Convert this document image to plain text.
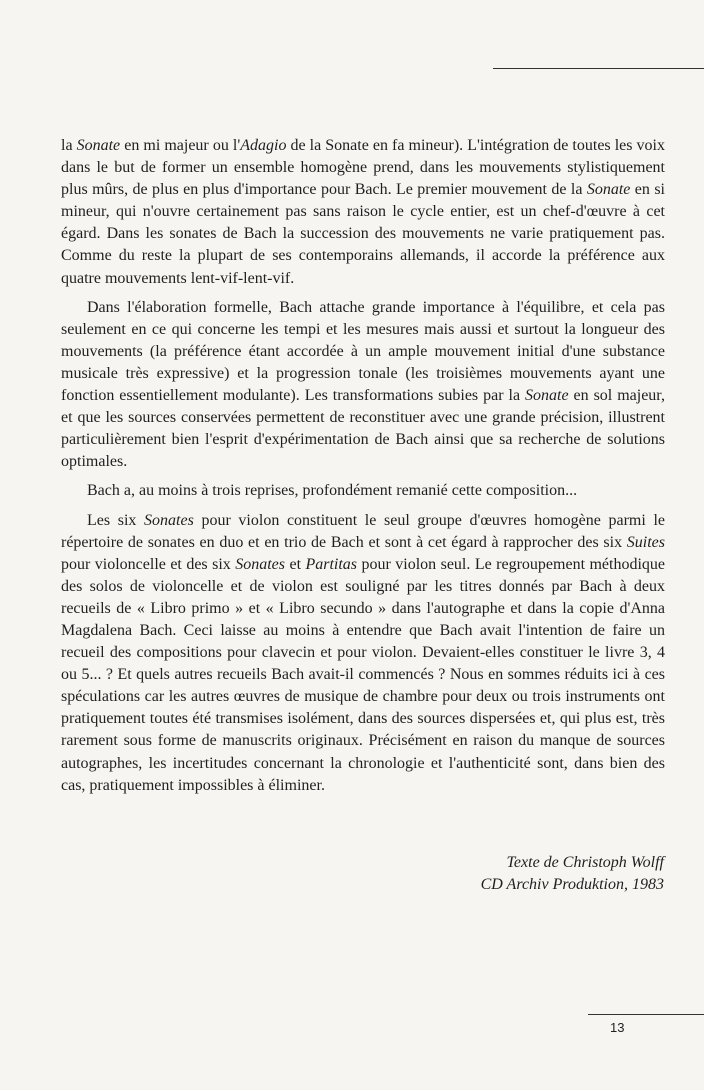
la Sonate en mi majeur ou l'Adagio de la Sonate en fa mineur). L'intégration de toutes les voix dans le but de former un ensemble homogène prend, dans les mouvements stylistiquement plus mûrs, de plus en plus d'importance pour Bach. Le premier mouvement de la Sonate en si mineur, qui n'ouvre certainement pas sans raison le cycle entier, est un chef-d'œuvre à cet égard. Dans les sonates de Bach la succession des mouvements ne varie pratiquement pas. Comme du reste la plupart de ses contemporains allemands, il accorde la préférence aux quatre mouvements lent-vif-lent-vif.

Dans l'élaboration formelle, Bach attache grande importance à l'équilibre, et cela pas seulement en ce qui concerne les tempi et les mesures mais aussi et surtout la longueur des mouvements (la préférence étant accordée à un ample mouvement initial d'une substance musicale très expressive) et la progression tonale (les troisièmes mouvements ayant une fonction essentiellement modulante). Les transformations subies par la Sonate en sol majeur, et que les sources conservées permettent de reconstituer avec une grande précision, illustrent particulièrement bien l'esprit d'expérimentation de Bach ainsi que sa recherche de solutions optimales.

Bach a, au moins à trois reprises, profondément remanié cette composition...

Les six Sonates pour violon constituent le seul groupe d'œuvres homogène parmi le répertoire de sonates en duo et en trio de Bach et sont à cet égard à rapprocher des six Suites pour violoncelle et des six Sonates et Partitas pour violon seul. Le regroupement méthodique des solos de violoncelle et de violon est souligné par les titres donnés par Bach à deux recueils de « Libro primo » et « Libro secundo » dans l'autographe et dans la copie d'Anna Magdalena Bach. Ceci laisse au moins à entendre que Bach avait l'intention de faire un recueil des compositions pour clavecin et pour violon. Devaient-elles constituer le livre 3, 4 ou 5... ? Et quels autres recueils Bach avait-il commencés ? Nous en sommes réduits ici à ces spéculations car les autres œuvres de musique de chambre pour deux ou trois instruments ont pratiquement toutes été transmises isolément, dans des sources dispersées et, qui plus est, très rarement sous forme de manuscrits originaux. Précisément en raison du manque de sources autographes, les incertitudes concernant la chronologie et l'authenticité sont, dans bien des cas, pratiquement impossibles à éliminer.

Texte de Christoph Wolff
CD Archiv Produktion, 1983
13
